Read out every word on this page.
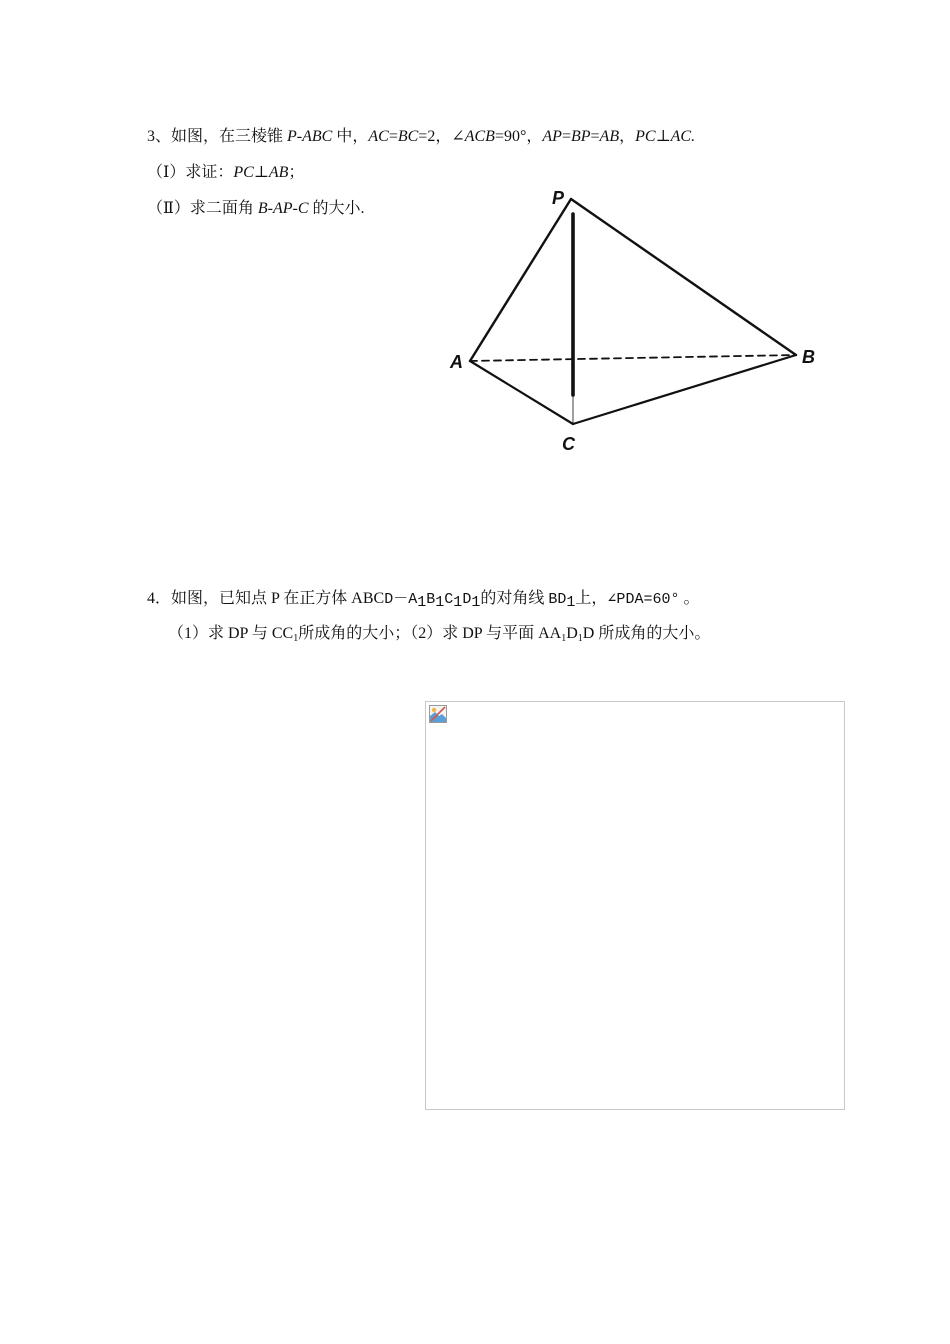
3、如图，在三棱锥 P-ABC 中，AC=BC=2，∠ACB=90°，AP=BP=AB，PC⊥AC.
（Ⅰ）求证：PC⊥AB；
（Ⅱ）求二面角 B-AP-C 的大小.
P
A	B
C
4．如图，已知点 P 在正方体 $ABCD-A_1B_1C_1D_1$的对角线 $BD_1$上，∠PDA=60° 。
（1）求 DP 与 $CC_1$所成角的大小；（2）求 DP 与平面 $AA_1D_1D$ 所成角的大小。
